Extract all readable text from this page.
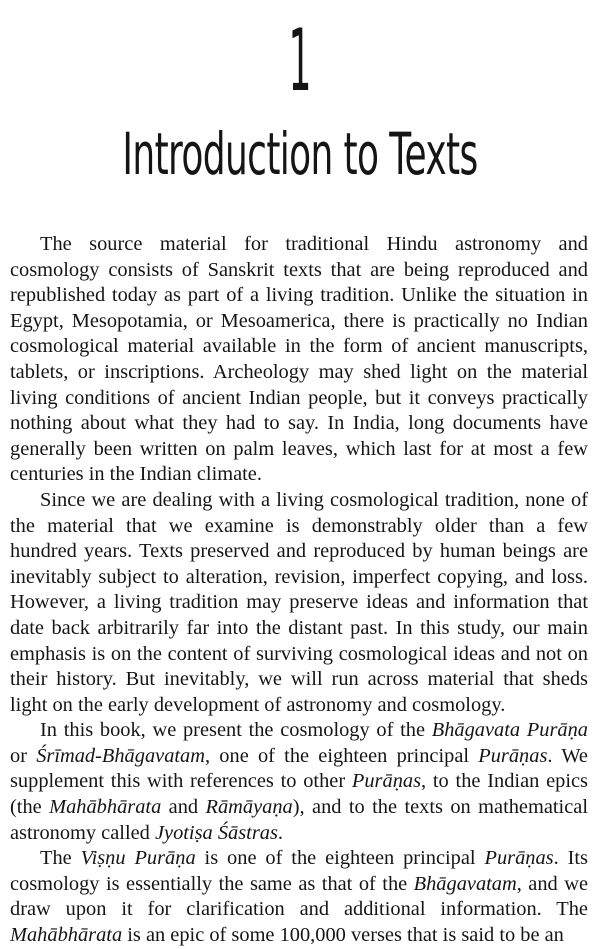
1
Introduction to Texts

The source material for traditional Hindu astronomy and cosmology consists of Sanskrit texts that are being reproduced and republished today as part of a living tradition. Unlike the situation in Egypt, Mesopotamia, or Mesoamerica, there is practically no Indian cosmological material available in the form of ancient manuscripts, tablets, or inscriptions. Archeology may shed light on the material living conditions of ancient Indian people, but it conveys practically nothing about what they had to say. In India, long documents have generally been written on palm leaves, which last for at most a few centuries in the Indian climate.

Since we are dealing with a living cosmological tradition, none of the material that we examine is demonstrably older than a few hundred years. Texts preserved and reproduced by human beings are inevitably subject to alteration, revision, imperfect copying, and loss. However, a living tradition may preserve ideas and information that date back arbitrarily far into the distant past. In this study, our main emphasis is on the content of surviving cosmological ideas and not on their history. But inevitably, we will run across material that sheds light on the early development of astronomy and cosmology.

In this book, we present the cosmology of the Bhāgavata Purāṇa or Śrīmad-Bhāgavatam, one of the eighteen principal Purāṇas. We supplement this with references to other Purāṇas, to the Indian epics (the Mahābhārata and Rāmāyaṇa), and to the texts on mathematical astronomy called Jyotiṣa Śāstras.

The Viṣṇu Purāṇa is one of the eighteen principal Purāṇas. Its cosmology is essentially the same as that of the Bhāgavatam, and we draw upon it for clarification and additional information. The Mahābhārata is an epic of some 100,000 verses that is said to be an
